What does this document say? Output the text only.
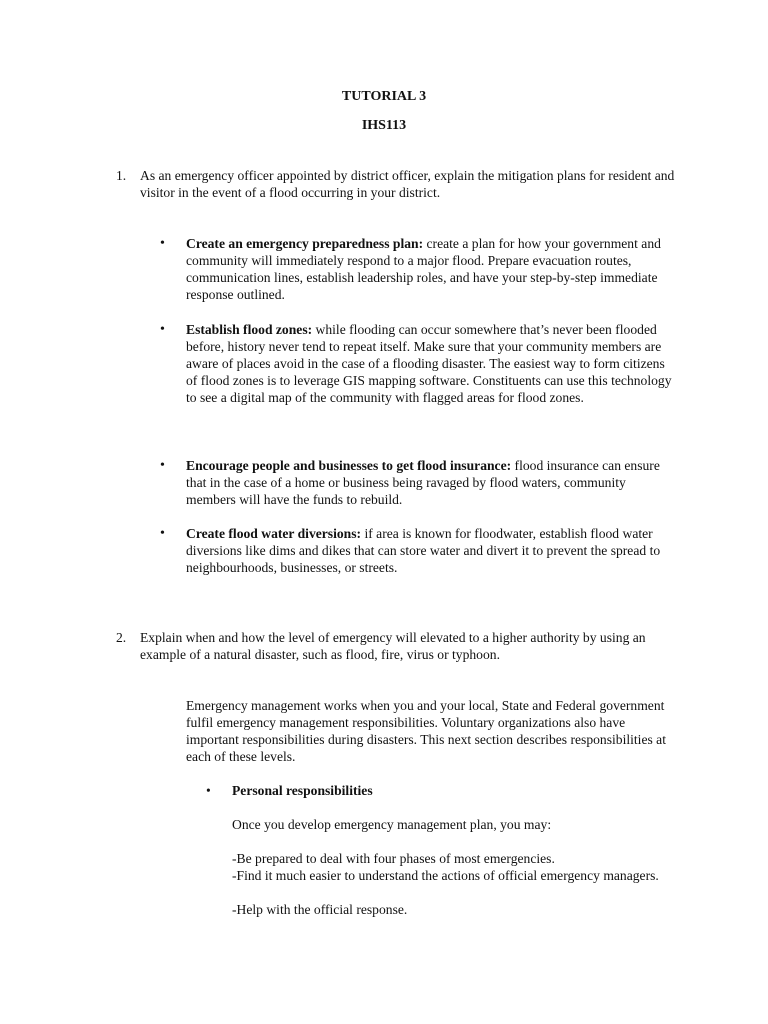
TUTORIAL 3
IHS113
1. As an emergency officer appointed by district officer, explain the mitigation plans for resident and visitor in the event of a flood occurring in your district.
• Create an emergency preparedness plan: create a plan for how your government and community will immediately respond to a major flood. Prepare evacuation routes, communication lines, establish leadership roles, and have your step-by-step immediate response outlined.
• Establish flood zones: while flooding can occur somewhere that’s never been flooded before, history never tend to repeat itself. Make sure that your community members are aware of places avoid in the case of a flooding disaster. The easiest way to form citizens of flood zones is to leverage GIS mapping software. Constituents can use this technology to see a digital map of the community with flagged areas for flood zones.
• Encourage people and businesses to get flood insurance: flood insurance can ensure that in the case of a home or business being ravaged by flood waters, community members will have the funds to rebuild.
• Create flood water diversions: if area is known for floodwater, establish flood water diversions like dims and dikes that can store water and divert it to prevent the spread to neighbourhoods, businesses, or streets.
2. Explain when and how the level of emergency will elevated to a higher authority by using an example of a natural disaster, such as flood, fire, virus or typhoon.
Emergency management works when you and your local, State and Federal government fulfil emergency management responsibilities. Voluntary organizations also have important responsibilities during disasters. This next section describes responsibilities at each of these levels.
• Personal responsibilities
Once you develop emergency management plan, you may:
-Be prepared to deal with four phases of most emergencies.
-Find it much easier to understand the actions of official emergency managers.
-Help with the official response.
